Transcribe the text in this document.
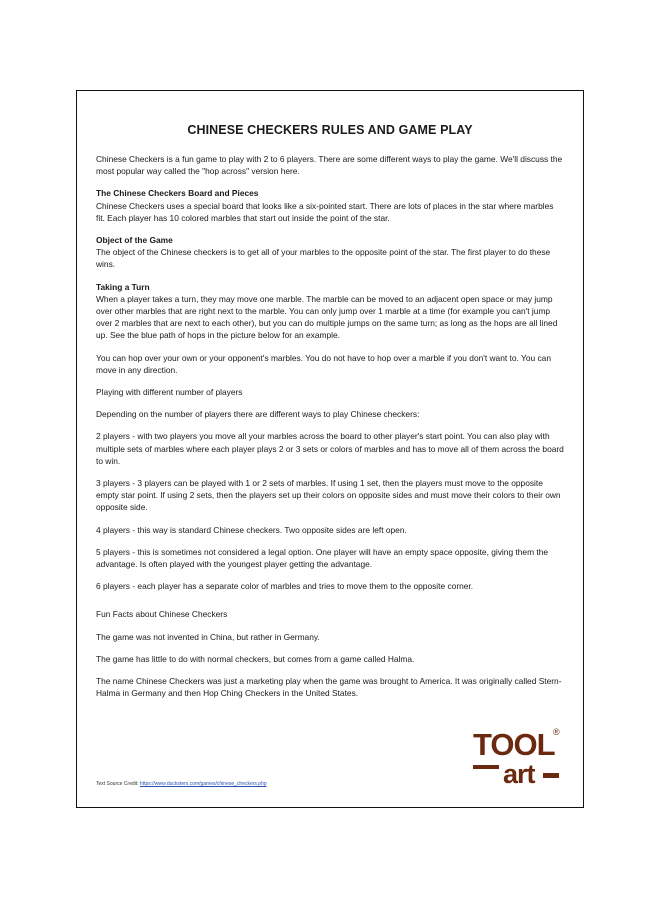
CHINESE CHECKERS RULES AND GAME PLAY

Chinese Checkers is a fun game to play with 2 to 6 players. There are some different ways to play the game. We'll discuss the most popular way called the "hop across" version here.

The Chinese Checkers Board and Pieces

Chinese Checkers uses a special board that looks like a six-pointed start. There are lots of places in the star where marbles fit. Each player has 10 colored marbles that start out inside the point of the star.

Object of the Game

The object of the Chinese checkers is to get all of your marbles to the opposite point of the star. The first player to do these wins.

Taking a Turn

When a player takes a turn, they may move one marble. The marble can be moved to an adjacent open space or may jump over other marbles that are right next to the marble. You can only jump over 1 marble at a time (for example you can't jump over 2 marbles that are next to each other), but you can do multiple jumps on the same turn; as long as the hops are all lined up. See the blue path of hops in the picture below for an example.

You can hop over your own or your opponent's marbles. You do not have to hop over a marble if you don't want to. You can move in any direction.

Playing with different number of players

Depending on the number of players there are different ways to play Chinese checkers:

2 players - with two players you move all your marbles across the board to other player's start point. You can also play with multiple sets of marbles where each player plays 2 or 3 sets or colors of marbles and has to move all of them across the board to win.

3 players - 3 players can be played with 1 or 2 sets of marbles. If using 1 set, then the players must move to the opposite empty star point. If using 2 sets, then the players set up their colors on opposite sides and must move their colors to their own opposite side.

4 players - this way is standard Chinese checkers. Two opposite sides are left open.

5 players - this is sometimes not considered a legal option. One player will have an empty space opposite, giving them the advantage. Is often played with the youngest player getting the advantage.

6 players - each player has a separate color of marbles and tries to move them to the opposite corner.

Fun Facts about Chinese Checkers

The game was not invented in China, but rather in Germany.

The game has little to do with normal checkers, but comes from a game called Halma.

The name Chinese Checkers was just a marketing play when the game was brought to America. It was originally called Stern-Halma in Germany and then Hop Ching Checkers in the United States.

Text Source Credit: https://www.ducksters.com/games/chinese_checkers.php
TOOL
art
®
